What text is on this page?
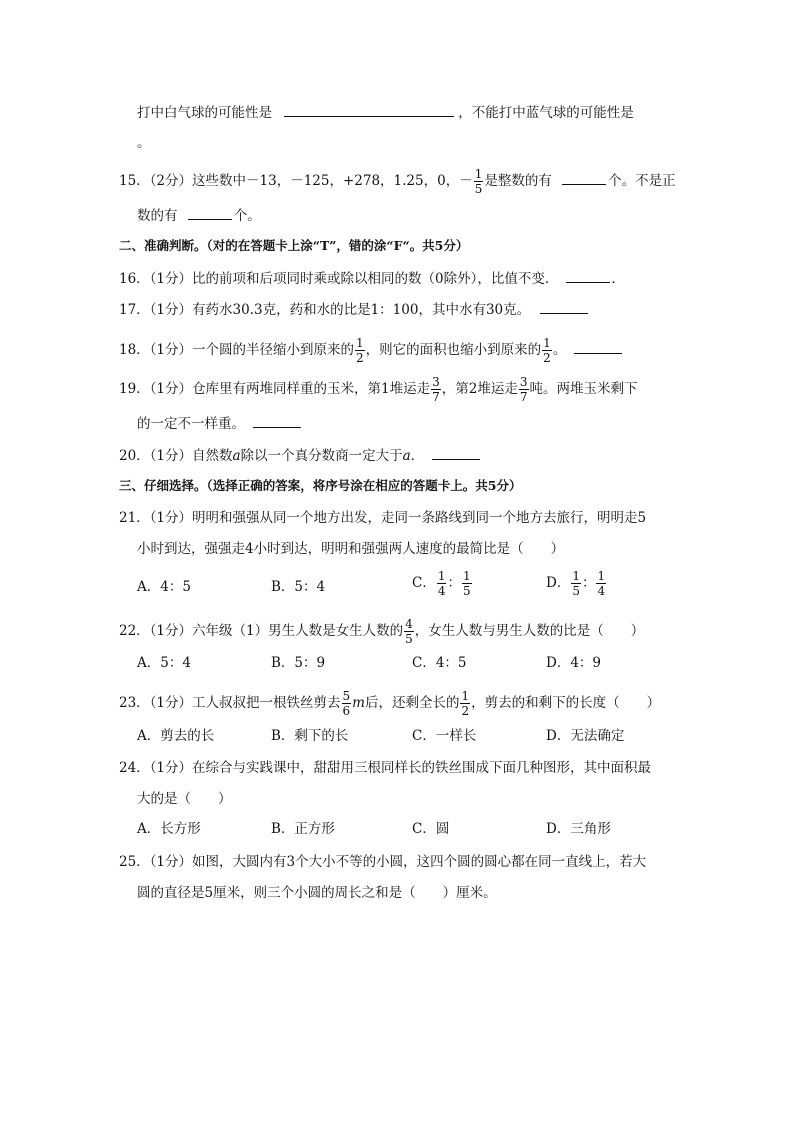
打中白气球的可能性是	，不能打中蓝气球的可能性是
。
15．（2分）这些数中－13，－125，+278，1.25，0，－ $\frac{1}{5}$ 是整数的有	个。不是正
数的有	个。
二、准确判断。（对的在答题卡上涂“T”，错的涂“F“。共5分）
16．（1分）比的前项和后项同时乘或除以相同的数（0除外），比值不变．	．
17．（1分）有药水30.3克，药和水的比是1：100，其中水有30克。
18．（1分）一个圆的半径缩小到原来的 $\frac{1}{2}$ ，则它的面积也缩小到原来的 $\frac{1}{2}$ 。
19．（1分）仓库里有两堆同样重的玉米，第1堆运走 $\frac{3}{7}$ ，第2堆运走 $\frac{3}{7}$ 吨。两堆玉米剩下
的一定不一样重。
20．（1分）自然数a除以一个真分数商一定大于a．
三、仔细选择。（选择正确的答案，将序号涂在相应的答题卡上。共5分）
21．（1分）明明和强强从同一个地方出发，走同一条路线到同一个地方去旅行，明明走5
小时到达，强强走4小时到达，明明和强强两人速度的最简比是（　　）
A．4：5	B．5：4	C． $\frac{1}{4}$ ： $\frac{1}{5}$	D． $\frac{1}{5}$ ： $\frac{1}{4}$
22．（1分）六年级（1）男生人数是女生人数的 $\frac{4}{5}$ ，女生人数与男生人数的比是（　　）
A．5：4	B．5：9	C．4：5	D．4：9
23．（1分）工人叔叔把一根铁丝剪去 $\frac{5}{6}$ m后，还剩全长的 $\frac{1}{2}$ ，剪去的和剩下的长度（　　）
A．剪去的长	B．剩下的长	C．一样长	D．无法确定
24．（1分）在综合与实践课中，甜甜用三根同样长的铁丝围成下面几种图形，其中面积最
大的是（　　）
A．长方形	B．正方形	C．圆	D．三角形
25．（1分）如图，大圆内有3个大小不等的小圆，这四个圆的圆心都在同一直线上，若大
圆的直径是5厘米，则三个小圆的周长之和是（　　）厘米。
